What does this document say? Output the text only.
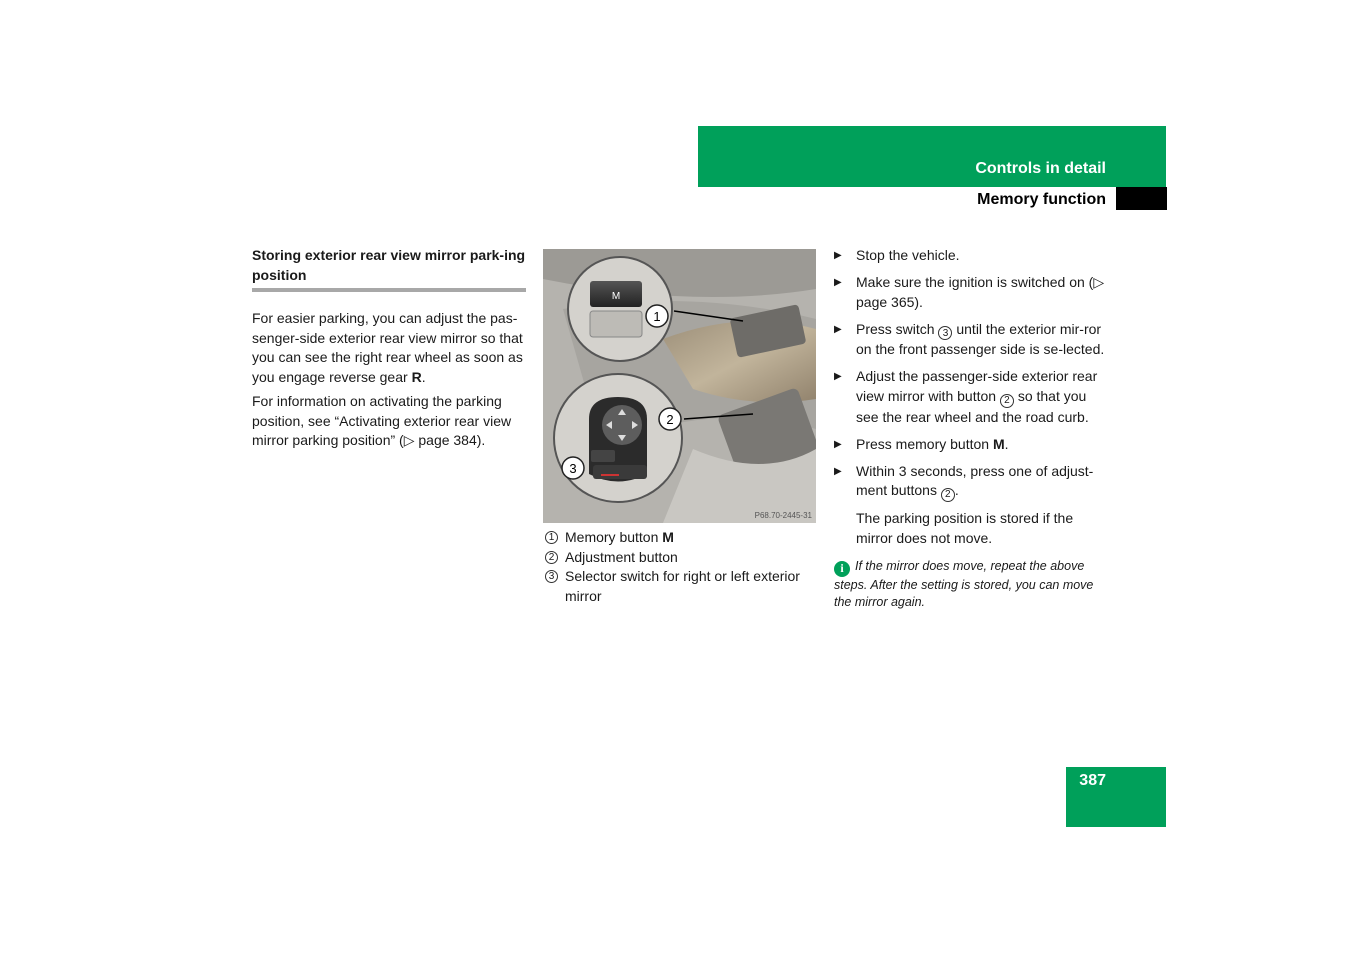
Controls in detail
Memory function
Storing exterior rear view mirror park-ing position

For easier parking, you can adjust the pas-senger-side exterior rear view mirror so that you can see the right rear wheel as soon as you engage reverse gear R.

For information on activating the parking position, see “Activating exterior rear view mirror parking position” (▷ page 384).

M
1
2
3
P68.70-2445-31
1 Memory button M
2 Adjustment button
3 Selector switch for right or left exterior mirror
▶	Stop the vehicle.
▶	Make sure the ignition is switched on (▷ page 365).
▶	Press switch 3 until the exterior mir-ror on the front passenger side is se-lected.
▶	Adjust the passenger-side exterior rear view mirror with button 2 so that you see the rear wheel and the road curb.
▶	Press memory button M.
▶	Within 3 seconds, press one of adjust-ment buttons 2 .
The parking position is stored if the mirror does not move.
i If the mirror does move, repeat the above steps. After the setting is stored, you can move the mirror again.
387
